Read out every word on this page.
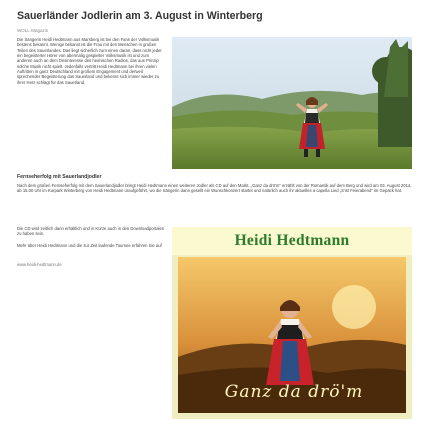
Sauerländer Jodlerin am 3. August in Winterberg
WOLL-Magazin

Die Sängerin Heidi Hedtmann aus Marsberg ist bei den Fans der Volksmusik bestens bekannt. Wenige bekannt ist die Frau mit den Menschen in großen Teilen des Sauerlandes. Das liegt sicherlich zum einen daran, dass nicht jeder ein begeisterter Hörer von abermalig gespielter Volksmusik ist und zum anderen auch an dem Desinteresse des heimischen Radios, das aus Prinzip solche Musik nicht spielt. Jedenfalls vertritt Heidi Hedtmann bei ihren vielen Auftritten in ganz Deutschland mit großem Engagement und derweil sprechender Begeisterung das Sauerland und bekennt sich immer wieder zu ihrer Herz schlägt für das Sauerland.

Fernseherfolg mit Sauerlandjodler

Nach dem großen Fernseherfolg mit dem Sauerlandjodler bringt Heidi Hedtmann einen weiteren Jodler als CD auf den Markt. „Ganz da drö'm“ erzählt von der Romantik auf dem Berg und wird am 03. August 2014, ab 15.00 Uhr im Kurpark Winterberg von Heidi Hedtmann uraufgeführt, wo die Sängerin dann gesellt ein Wunschkonzert startet und natürlich auch ihr aktuelles a capella Lied „S'ist Feierabend“ im Gepäck hat.

Die CD wird zeitlich dann erhältlich und in Kürze auch in den Downloadportalen zu haben sein.

Mehr über Heidi Hedtmann und die zur Zeit laufende Tournee erfahren Sie auf

www.heidi-hedtmann.de
Heidi Hedtmann
Ganz da drö'm
